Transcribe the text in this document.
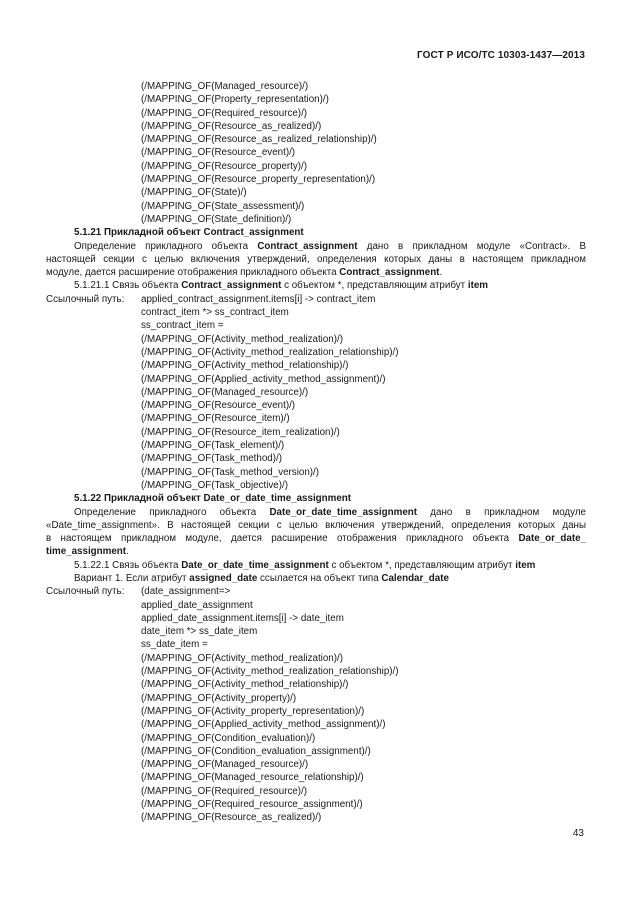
ГОСТ Р ИСО/ТС 10303-1437—2013
(/MAPPING_OF(Managed_resource)/)
(/MAPPING_OF(Property_representation)/)
(/MAPPING_OF(Required_resource)/)
(/MAPPING_OF(Resource_as_realized)/)
(/MAPPING_OF(Resource_as_realized_relationship)/)
(/MAPPING_OF(Resource_event)/)
(/MAPPING_OF(Resource_property)/)
(/MAPPING_OF(Resource_property_representation)/)
(/MAPPING_OF(State)/)
(/MAPPING_OF(State_assessment)/)
(/MAPPING_OF(State_definition)/)
5.1.21 Прикладной объект Contract_assignment
Определение прикладного объекта Contract_assignment дано в прикладном модуле «Contract». В
настоящей секции с целью включения утверждений, определения которых даны в настоящем прикладном
модуле, дается расширение отображения прикладного объекта Contract_assignment.
5.1.21.1 Связь объекта Contract_assignment с объектом *, представляющим атрибут item
Ссылочный путь:	applied_contract_assignment.items[i] -> contract_item
contract_item *> ss_contract_item
ss_contract_item =
(/MAPPING_OF(Activity_method_realization)/)
(/MAPPING_OF(Activity_method_realization_relationship)/)
(/MAPPING_OF(Activity_method_relationship)/)
(/MAPPING_OF(Applied_activity_method_assignment)/)
(/MAPPING_OF(Managed_resource)/)
(/MAPPING_OF(Resource_event)/)
(/MAPPING_OF(Resource_item)/)
(/MAPPING_OF(Resource_item_realization)/)
(/MAPPING_OF(Task_element)/)
(/MAPPING_OF(Task_method)/)
(/MAPPING_OF(Task_method_version)/)
(/MAPPING_OF(Task_objective)/)
5.1.22 Прикладной объект Date_or_date_time_assignment
Определение прикладного объекта Date_or_date_time_assignment дано в прикладном модуле
«Date_time_assignment». В настоящей секции с целью включения утверждений, определения которых даны
в настоящем прикладном модуле, дается расширение отображения прикладного объекта Date_or_date_
time_assignment.
5.1.22.1 Связь объекта Date_or_date_time_assignment с объектом *, представляющим атрибут item
Вариант 1. Если атрибут assigned_date ссылается на объект типа Calendar_date
Ссылочный путь:	(date_assignment=>
applied_date_assignment
applied_date_assignment.items[i] -> date_item
date_item *> ss_date_item
ss_date_item =
(/MAPPING_OF(Activity_method_realization)/)
(/MAPPING_OF(Activity_method_realization_relationship)/)
(/MAPPING_OF(Activity_method_relationship)/)
(/MAPPING_OF(Activity_property)/)
(/MAPPING_OF(Activity_property_representation)/)
(/MAPPING_OF(Applied_activity_method_assignment)/)
(/MAPPING_OF(Condition_evaluation)/)
(/MAPPING_OF(Condition_evaluation_assignment)/)
(/MAPPING_OF(Managed_resource)/)
(/MAPPING_OF(Managed_resource_relationship)/)
(/MAPPING_OF(Required_resource)/)
(/MAPPING_OF(Required_resource_assignment)/)
(/MAPPING_OF(Resource_as_realized)/)
43
